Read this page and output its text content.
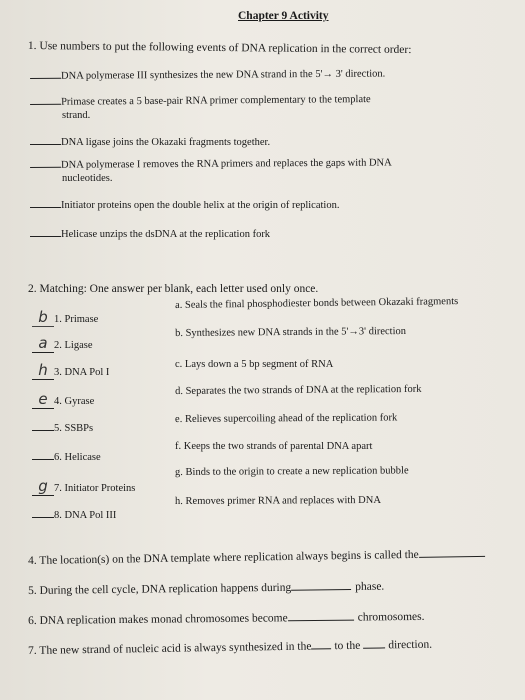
Chapter 9 Activity
1. Use numbers to put the following events of DNA replication in the correct order:
DNA polymerase III synthesizes the new DNA strand in the 5'→ 3' direction.
Primase creates a 5 base-pair RNA primer complementary to the template
strand.
DNA ligase joins the Okazaki fragments together.
DNA polymerase I removes the RNA primers and replaces the gaps with DNA
nucleotides.
Initiator proteins open the double helix at the origin of replication.
Helicase unzips the dsDNA at the replication fork
2. Matching: One answer per blank, each letter used only once.
b 1. Primase
a 2. Ligase
h 3. DNA Pol I
e 4. Gyrase
5. SSBPs
6. Helicase
g 7. Initiator Proteins
8. DNA Pol III
a. Seals the final phosphodiester bonds between Okazaki fragments
b. Synthesizes new DNA strands in the 5'→3' direction
c. Lays down a 5 bp segment of RNA
d. Separates the two strands of DNA at the replication fork
e. Relieves supercoiling ahead of the replication fork
f. Keeps the two strands of parental DNA apart
g. Binds to the origin to create a new replication bubble
h. Removes primer RNA and replaces with DNA
4. The location(s) on the DNA template where replication always begins is called the
5. During the cell cycle, DNA replication happens during	phase.
6. DNA replication makes monad chromosomes become	chromosomes.
7. The new strand of nucleic acid is always synthesized in the to the direction.
